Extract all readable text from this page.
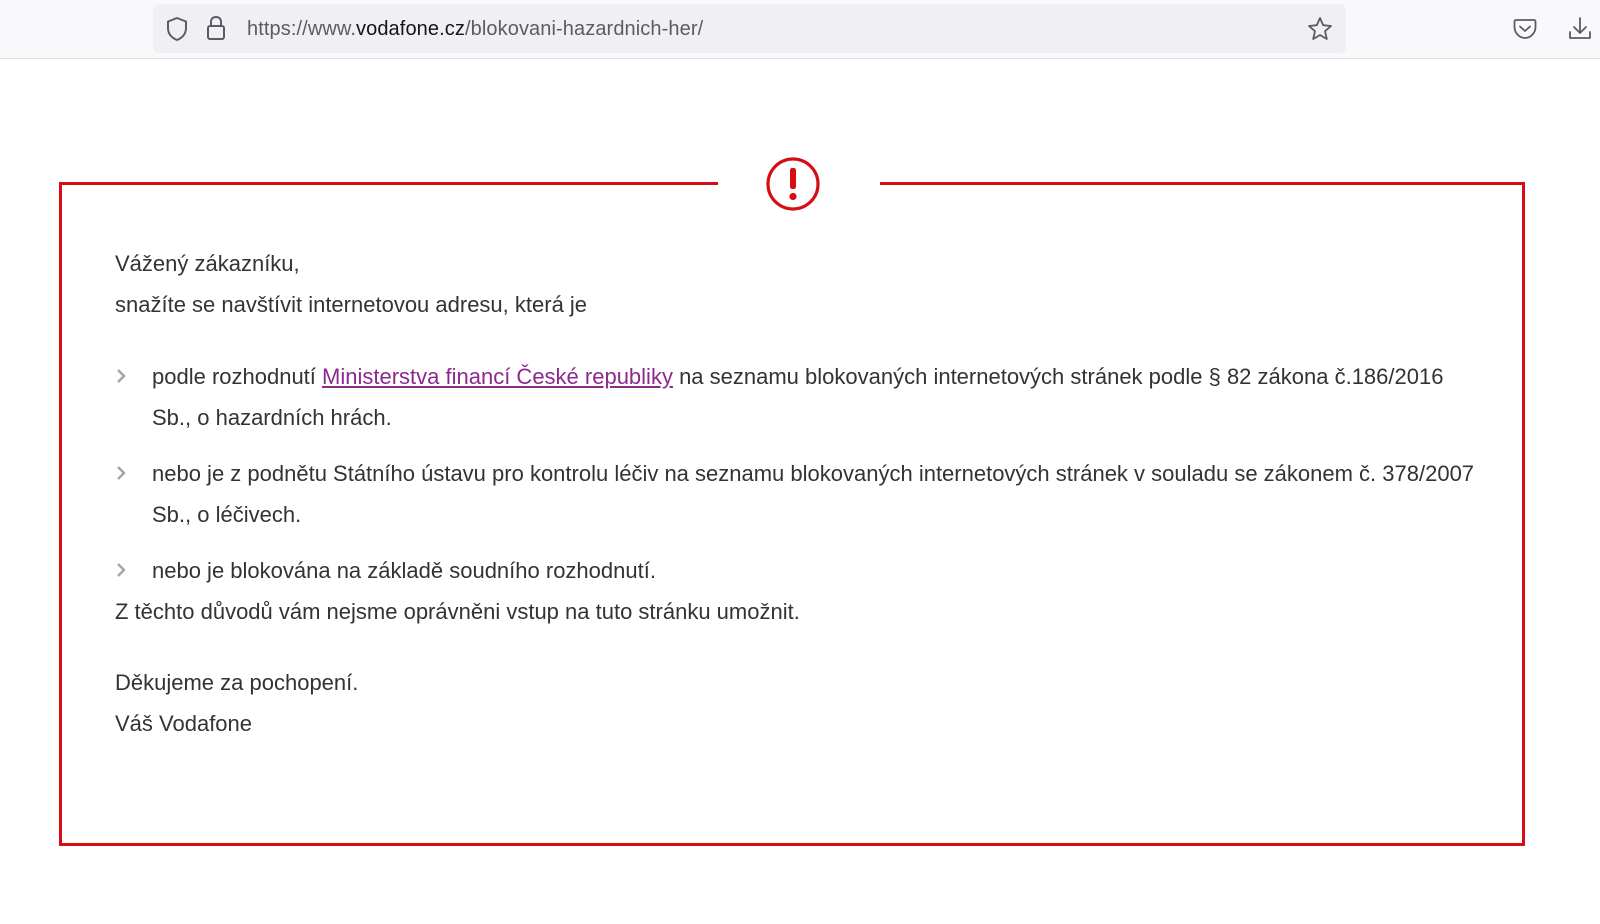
https://www.vodafone.cz/blokovani-hazardnich-her/

Vážený zákazníku,

snažíte se navštívit internetovou adresu, která je

podle rozhodnutí Ministerstva financí České republiky na seznamu blokovaných internetových stránek podle § 82 zákona č.186/2016 Sb., o hazardních hrách.
nebo je z podnětu Státního ústavu pro kontrolu léčiv na seznamu blokovaných internetových stránek v souladu se zákonem č. 378/2007 Sb., o léčivech.
nebo je blokována na základě soudního rozhodnutí.

Z těchto důvodů vám nejsme oprávněni vstup na tuto stránku umožnit.

Děkujeme za pochopení.

Váš Vodafone
